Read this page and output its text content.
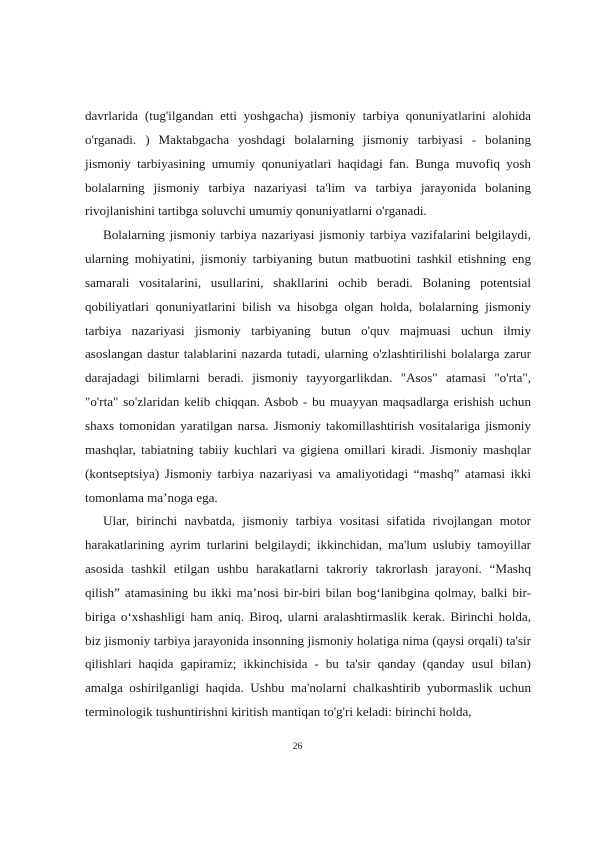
davrlarida (tug'ilgandan etti yoshgacha) jismoniy tarbiya qonuniyatlarini alohida o'rganadi. ) Maktabgacha yoshdagi bolalarning jismoniy tarbiyasi - bolaning jismoniy tarbiyasining umumiy qonuniyatlari haqidagi fan. Bunga muvofiq yosh bolalarning jismoniy tarbiya nazariyasi ta'lim va tarbiya jarayonida bolaning rivojlanishini tartibga soluvchi umumiy qonuniyatlarni o'rganadi.

Bolalarning jismoniy tarbiya nazariyasi jismoniy tarbiya vazifalarini belgilaydi, ularning mohiyatini, jismoniy tarbiyaning butun matbuotini tashkil etishning eng samarali vositalarini, usullarini, shakllarini ochib beradi. Bolaning potentsial qobiliyatlari qonuniyatlarini bilish va hisobga olgan holda, bolalarning jismoniy tarbiya nazariyasi jismoniy tarbiyaning butun o'quv majmuasi uchun ilmiy asoslangan dastur talablarini nazarda tutadi, ularning o'zlashtirilishi bolalarga zarur darajadagi bilimlarni beradi. jismoniy tayyorgarlikdan. "Asos" atamasi "o'rta", "o'rta" so'zlaridan kelib chiqqan. Asbob - bu muayyan maqsadlarga erishish uchun shaxs tomonidan yaratilgan narsa. Jismoniy takomillashtirish vositalariga jismoniy mashqlar, tabiatning tabiiy kuchlari va gigiena omillari kiradi. Jismoniy mashqlar (kontseptsiya) Jismoniy tarbiya nazariyasi va amaliyotidagi “mashq” atamasi ikki tomonlama ma’noga ega.

Ular, birinchi navbatda, jismoniy tarbiya vositasi sifatida rivojlangan motor harakatlarining ayrim turlarini belgilaydi; ikkinchidan, ma'lum uslubiy tamoyillar asosida tashkil etilgan ushbu harakatlarni takroriy takrorlash jarayoni. “Mashq qilish” atamasining bu ikki ma’nosi bir-biri bilan bog‘lanibgina qolmay, balki bir-biriga o‘xshashligi ham aniq. Biroq, ularni aralashtirmaslik kerak. Birinchi holda, biz jismoniy tarbiya jarayonida insonning jismoniy holatiga nima (qaysi orqali) ta'sir qilishlari haqida gapiramiz; ikkinchisida - bu ta'sir qanday (qanday usul bilan) amalga oshirilganligi haqida. Ushbu ma'nolarni chalkashtirib yubormaslik uchun terminologik tushuntirishni kiritish mantiqan to'g'ri keladi: birinchi holda,

26
